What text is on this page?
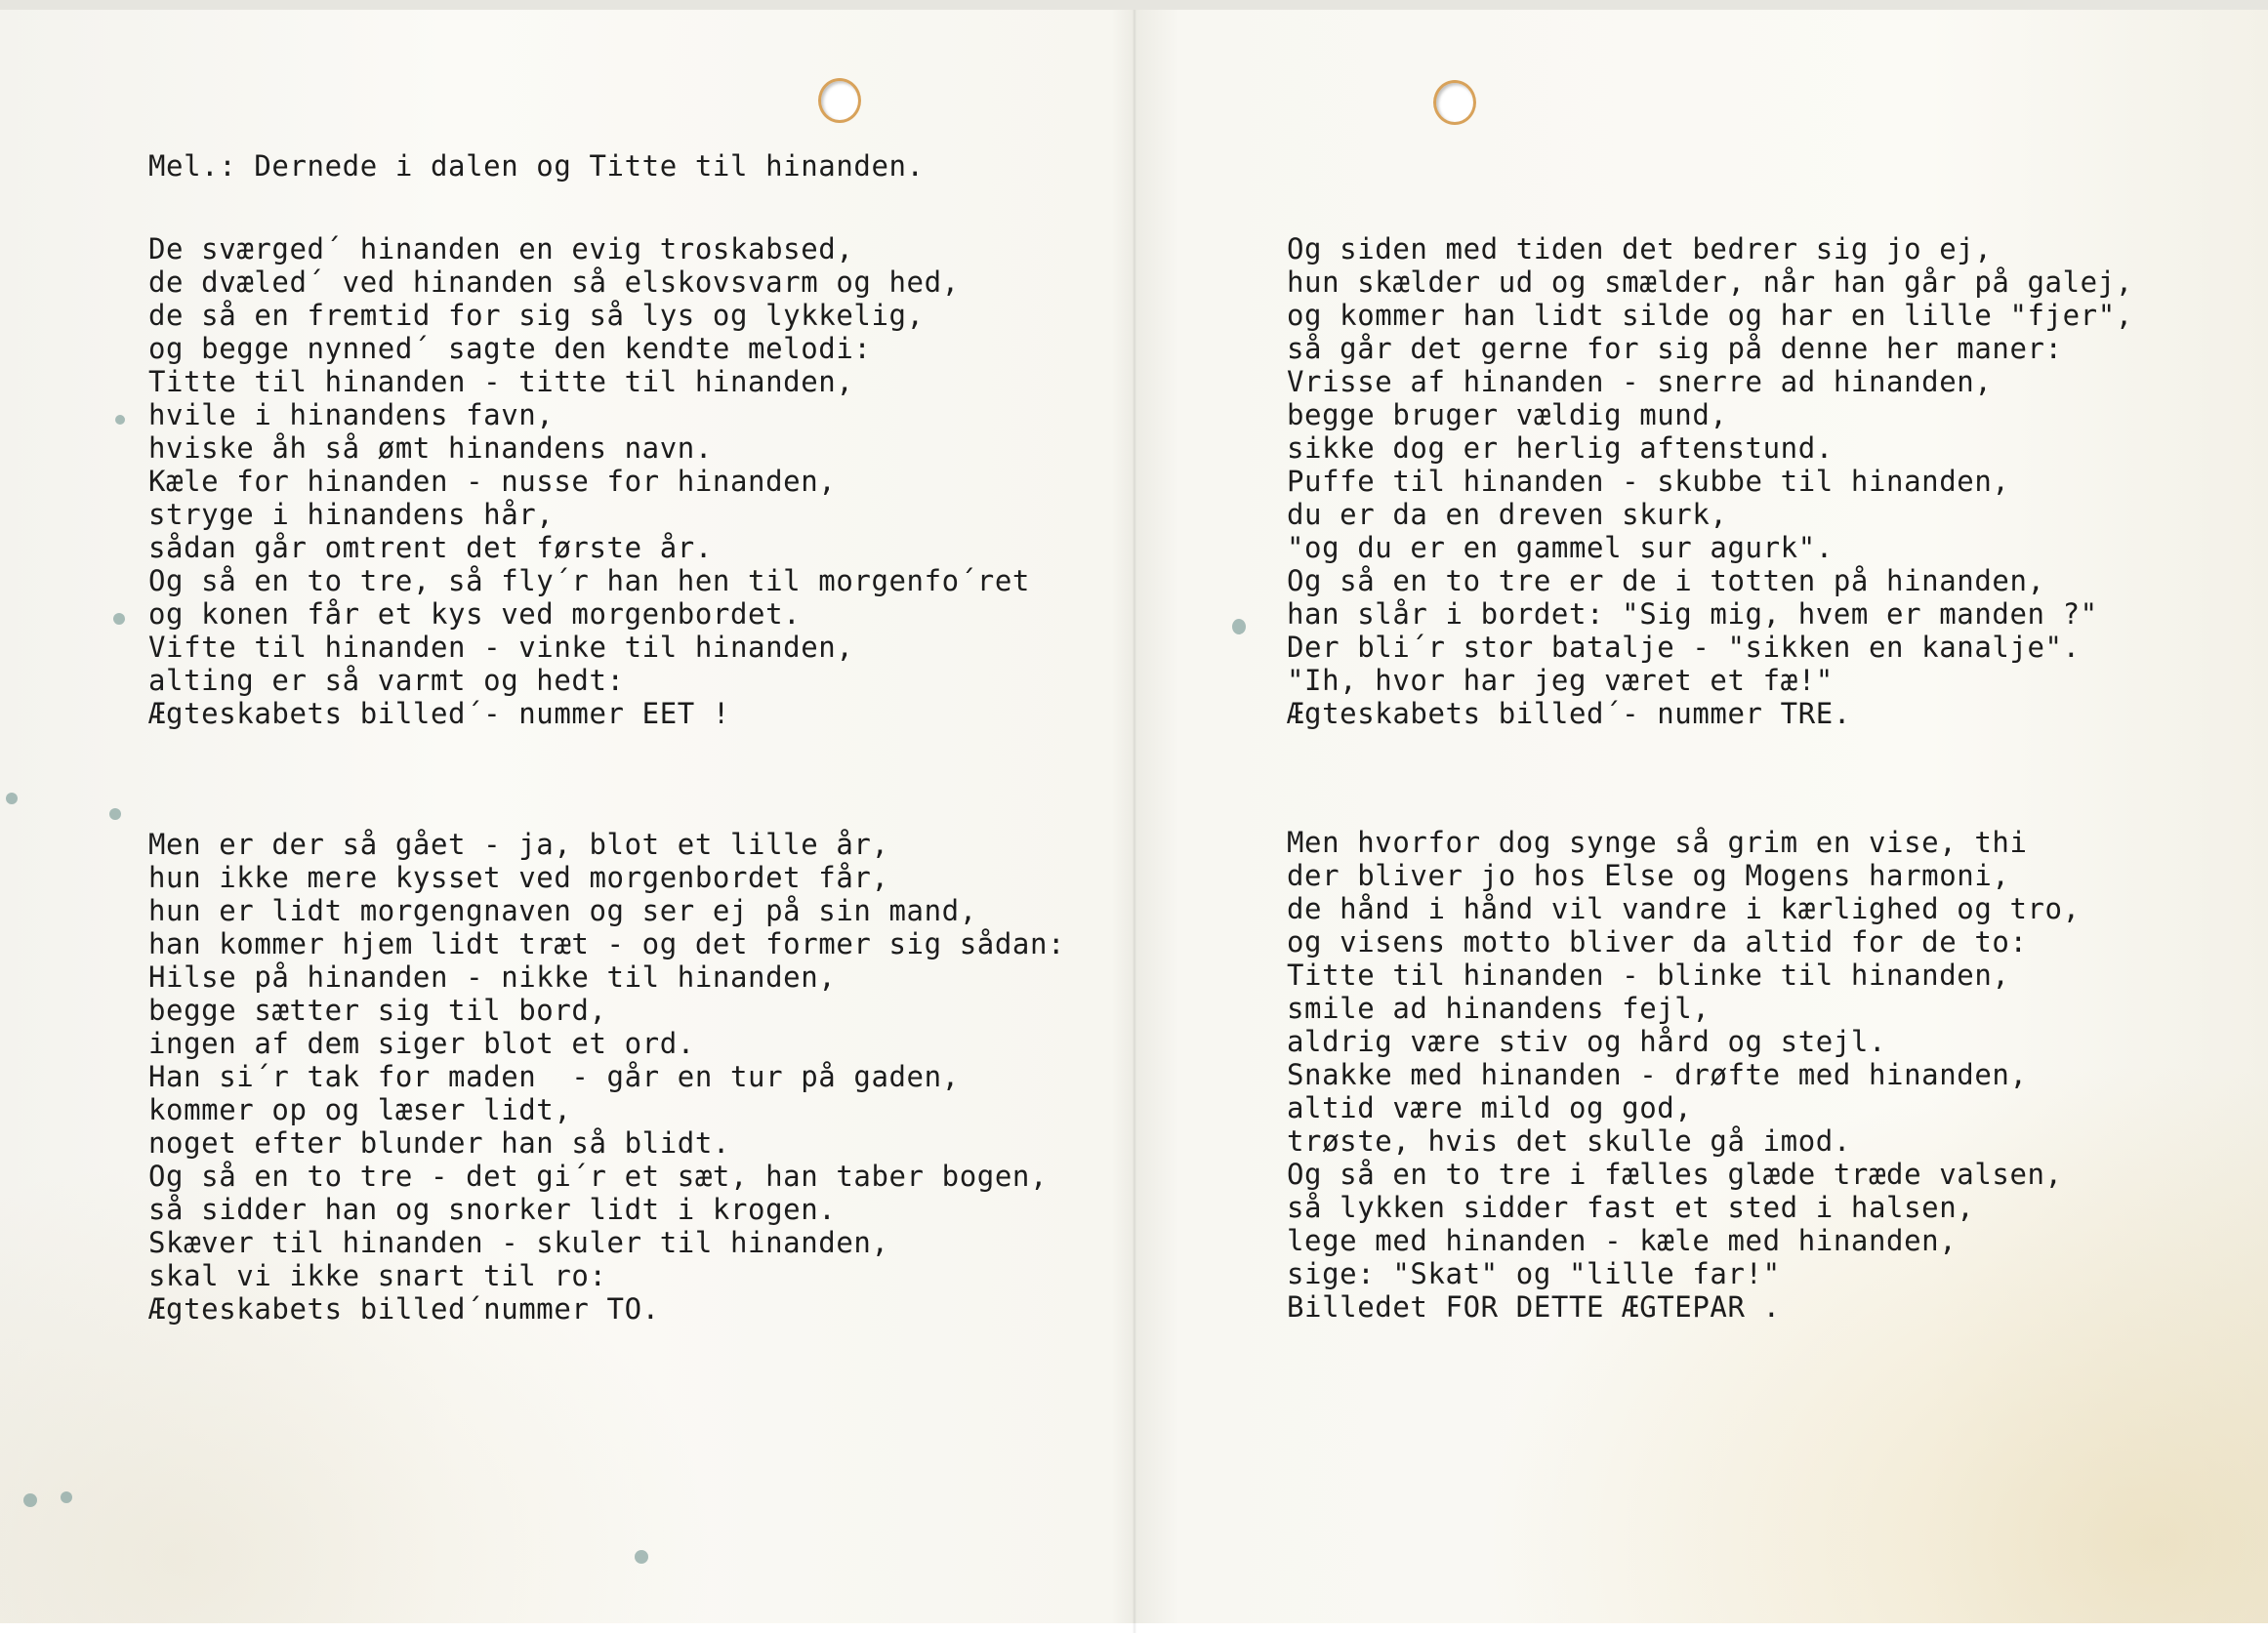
Mel.: Dernede i dalen og Titte til hinanden.

De sværged´ hinanden en evig troskabsed,
de dvæled´ ved hinanden så elskovsvarm og hed,
de så en fremtid for sig så lys og lykkelig,
og begge nynned´ sagte den kendte melodi:
Titte til hinanden - titte til hinanden,
hvile i hinandens favn,
hviske åh så ømt hinandens navn.
Kæle for hinanden - nusse for hinanden,
stryge i hinandens hår,
sådan går omtrent det første år.
Og så en to tre, så fly´r han hen til morgenfo´ret
og konen får et kys ved morgenbordet.
Vifte til hinanden - vinke til hinanden,
alting er så varmt og hedt:
Ægteskabets billed´- nummer EET !
Men er der så gået - ja, blot et lille år,
hun ikke mere kysset ved morgenbordet får,
hun er lidt morgengnaven og ser ej på sin mand,
han kommer hjem lidt træt - og det former sig sådan:
Hilse på hinanden - nikke til hinanden,
begge sætter sig til bord,
ingen af dem siger blot et ord.
Han si´r tak for maden  - går en tur på gaden,
kommer op og læser lidt,
noget efter blunder han så blidt.
Og så en to tre - det gi´r et sæt, han taber bogen,
så sidder han og snorker lidt i krogen.
Skæver til hinanden - skuler til hinanden,
skal vi ikke snart til ro:
Ægteskabets billed´nummer TO.
Og siden med tiden det bedrer sig jo ej,
hun skælder ud og smælder, når han går på galej,
og kommer han lidt silde og har en lille "fjer",
så går det gerne for sig på denne her maner:
Vrisse af hinanden - snerre ad hinanden,
begge bruger vældig mund,
sikke dog er herlig aftenstund.
Puffe til hinanden - skubbe til hinanden,
du er da en dreven skurk,
"og du er en gammel sur agurk".
Og så en to tre er de i totten på hinanden,
han slår i bordet: "Sig mig, hvem er manden ?"
Der bli´r stor batalje - "sikken en kanalje".
"Ih, hvor har jeg været et fæ!"
Ægteskabets billed´- nummer TRE.
Men hvorfor dog synge så grim en vise, thi
der bliver jo hos Else og Mogens harmoni,
de hånd i hånd vil vandre i kærlighed og tro,
og visens motto bliver da altid for de to:
Titte til hinanden - blinke til hinanden,
smile ad hinandens fejl,
aldrig være stiv og hård og stejl.
Snakke med hinanden - drøfte med hinanden,
altid være mild og god,
trøste, hvis det skulle gå imod.
Og så en to tre i fælles glæde træde valsen,
så lykken sidder fast et sted i halsen,
lege med hinanden - kæle med hinanden,
sige: "Skat" og "lille far!"
Billedet FOR DETTE ÆGTEPAR .
